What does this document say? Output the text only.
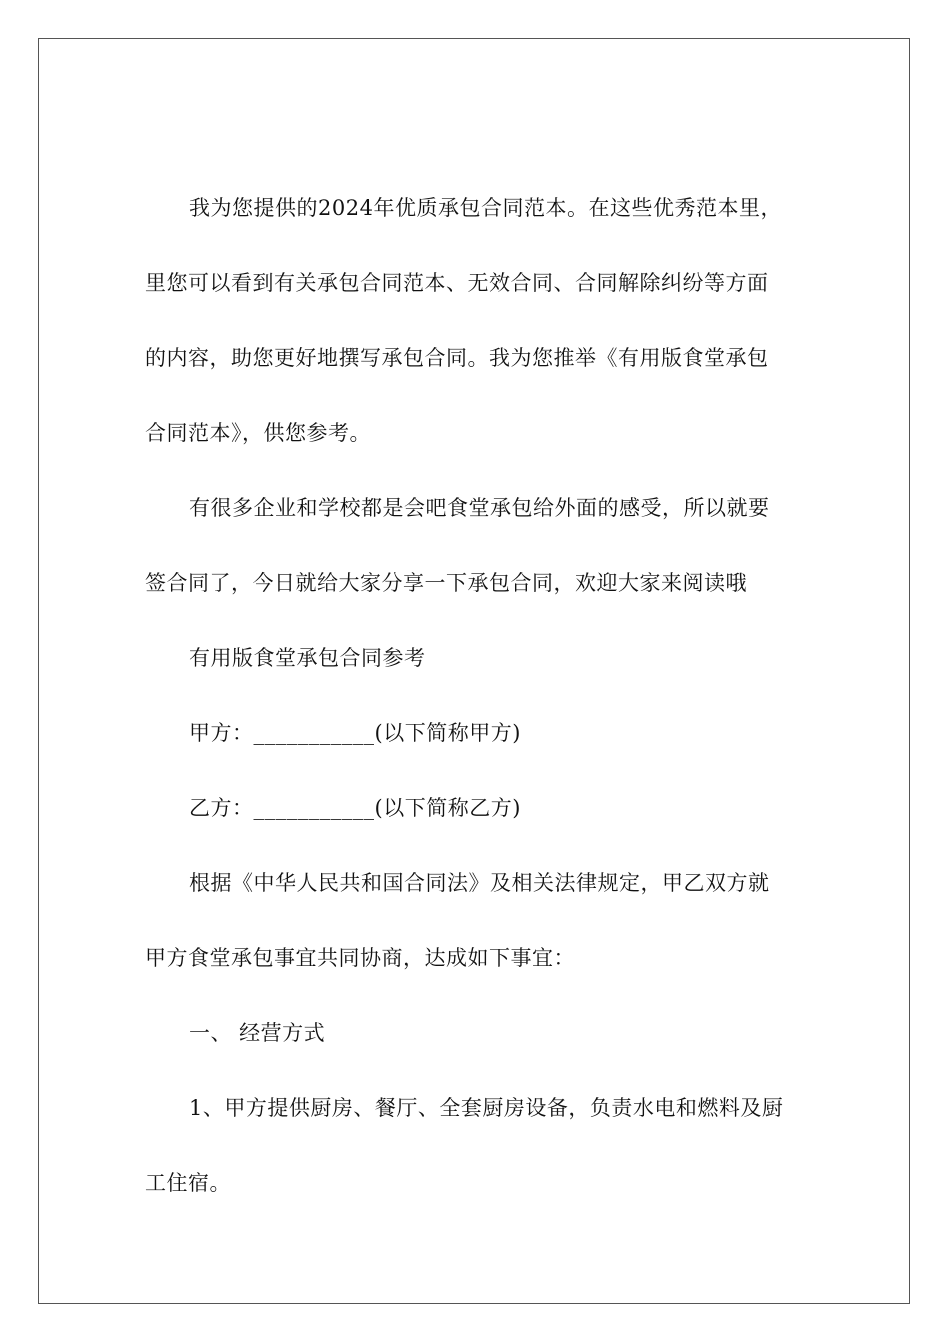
我为您提供的2024年优质承包合同范本。在这些优秀范本里，
里您可以看到有关承包合同范本、无效合同、合同解除纠纷等方面
的内容，助您更好地撰写承包合同。我为您推举《有用版食堂承包
合同范本》，供您参考。
有很多企业和学校都是会吧食堂承包给外面的感受，所以就要
签合同了，今日就给大家分享一下承包合同，欢迎大家来阅读哦
有用版食堂承包合同参考
甲方：___________(以下简称甲方)
乙方：___________(以下简称乙方)
根据《中华人民共和国合同法》及相关法律规定，甲乙双方就
甲方食堂承包事宜共同协商，达成如下事宜：
一、 经营方式
1、甲方提供厨房、餐厅、全套厨房设备，负责水电和燃料及厨
工住宿。
